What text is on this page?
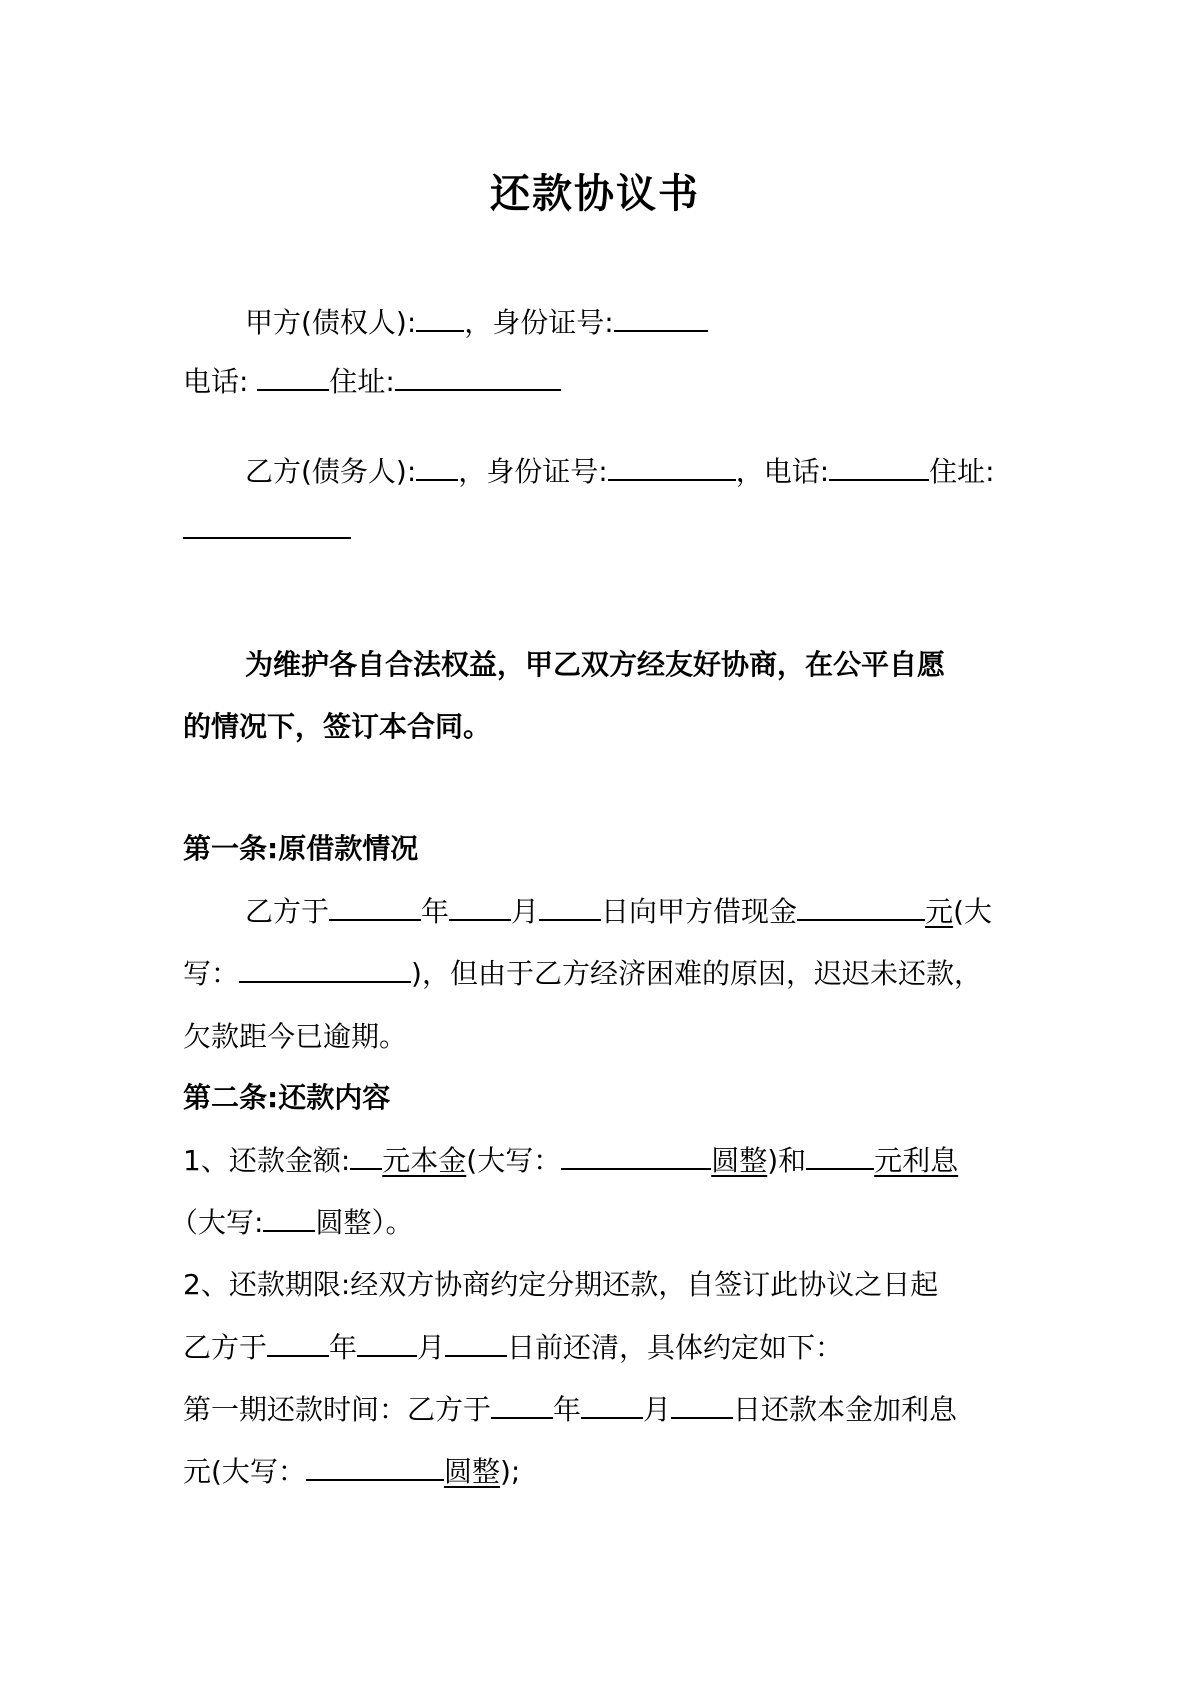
还款协议书
甲方(债权人): ，身份证号:
电话:	住址:
乙方(债务人): ，身份证号:	，电话:	住址:
为维护各自合法权益，甲乙双方经友好协商，在公平自愿
的情况下，签订本合同。
第一条:原借款情况
乙方于	年 月 日向甲方借现金	元(大
写：	)，但由于乙方经济困难的原因，迟迟未还款，
欠款距今已逾期。
第二条:还款内容
1、还款金额: 元本金(大写：	圆整)和 元利息
（大写: 圆整）。
2、还款期限:经双方协商约定分期还款，自签订此协议之日起
乙方于 年 月 日前还清，具体约定如下：
第一期还款时间：乙方于 年 月 日还款本金加利息
元(大写：	圆整);
